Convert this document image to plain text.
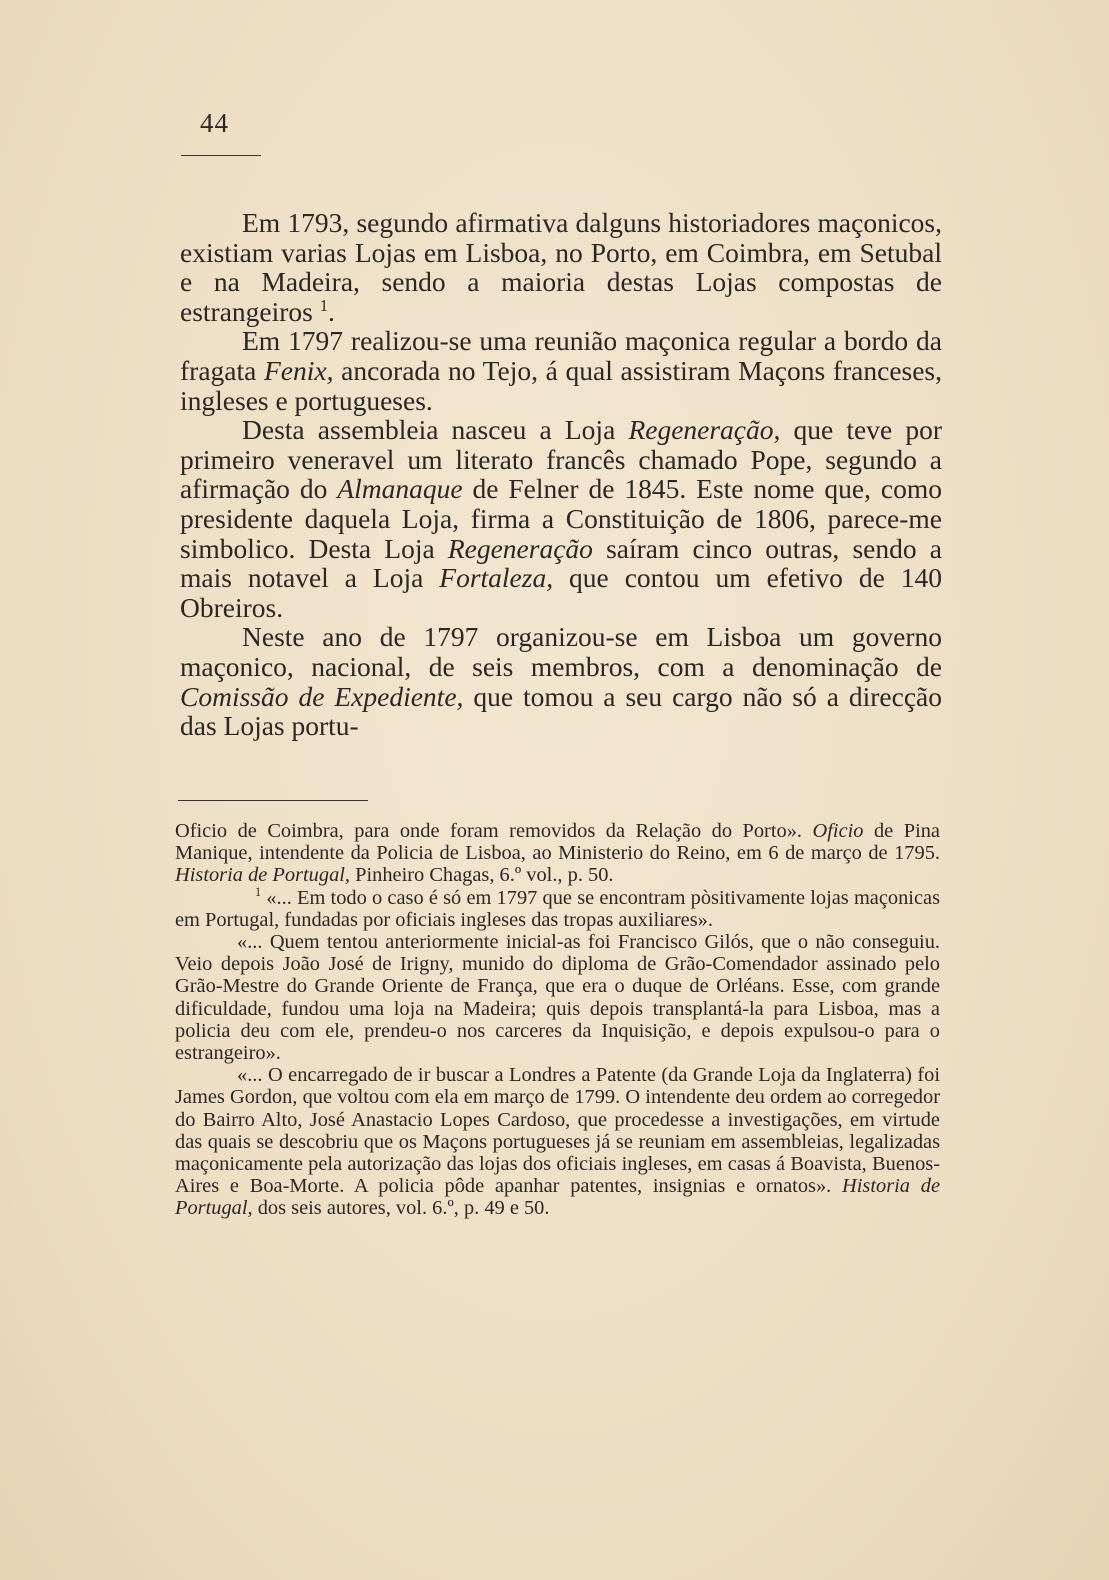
44

Em 1793, segundo afirmativa dalguns historiadores maçonicos, existiam varias Lojas em Lisboa, no Porto, em Coimbra, em Setubal e na Madeira, sendo a maioria destas Lojas compostas de estrangeiros $^1$.

Em 1797 realizou-se uma reunião maçonica regular a bordo da fragata Fenix, ancorada no Tejo, á qual assistiram Maçons franceses, ingleses e portugueses.

Desta assembleia nasceu a Loja Regeneração, que teve por primeiro veneravel um literato francês chamado Pope, segundo a afirmação do Almanaque de Felner de 1845. Este nome que, como presidente daquela Loja, firma a Constituição de 1806, parece-me simbolico. Desta Loja Regeneração saíram cinco outras, sendo a mais notavel a Loja Fortaleza, que contou um efetivo de 140 Obreiros.

Neste ano de 1797 organizou-se em Lisboa um governo maçonico, nacional, de seis membros, com a denominação de Comissão de Expediente, que tomou a seu cargo não só a direcção das Lojas portu-

Oficio de Coimbra, para onde foram removidos da Relação do Porto». Oficio de Pina Manique, intendente da Policia de Lisboa, ao Ministerio do Reino, em 6 de março de 1795. Historia de Portugal, Pinheiro Chagas, 6.º vol., p. 50.

$^1$ «... Em todo o caso é só em 1797 que se encontram pòsitivamente lojas maçonicas em Portugal, fundadas por oficiais ingleses das tropas auxiliares».

«... Quem tentou anteriormente inicial-as foi Francisco Gilós, que o não conseguiu. Veio depois João José de Irigny, munido do diploma de Grão-Comendador assinado pelo Grão-Mestre do Grande Oriente de França, que era o duque de Orléans. Esse, com grande dificuldade, fundou uma loja na Madeira; quis depois transplantá-la para Lisboa, mas a policia deu com ele, prendeu-o nos carceres da Inquisição, e depois expulsou-o para o estrangeiro».

«... O encarregado de ir buscar a Londres a Patente (da Grande Loja da Inglaterra) foi James Gordon, que voltou com ela em março de 1799. O intendente deu ordem ao corregedor do Bairro Alto, José Anastacio Lopes Cardoso, que procedesse a investigações, em virtude das quais se descobriu que os Maçons portugueses já se reuniam em assembleias, legalizadas maçonicamente pela autorização das lojas dos oficiais ingleses, em casas á Boavista, Buenos-Aires e Boa-Morte. A policia pôde apanhar patentes, insignias e ornatos». Historia de Portugal, dos seis autores, vol. 6.º, p. 49 e 50.
